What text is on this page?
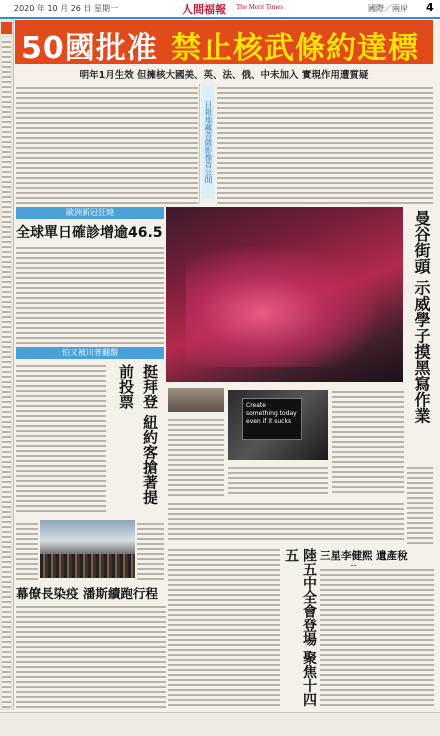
2020 年 10 月 26 日 星期一	人間福報 The Merit Times	國際／兩岸 4
50國批准 禁止核武條約達標
明年1月生效 但擁核大國美、英、法、俄、中未加入 實現作用遭質疑
日報地藏菩薩影像首公開
歐洲新冠狂燒
全球單日確診增逾46.5
怕又被川普翻盤
挺拜登 紐約客搶著提前投票
幕僚長染疫 潘斯續跑行程
曼谷街頭 示威學子摸黑寫作業
Create something today even if it sucks
陸五中全會登場 聚焦十四五	三星李健熙 遺產稅
